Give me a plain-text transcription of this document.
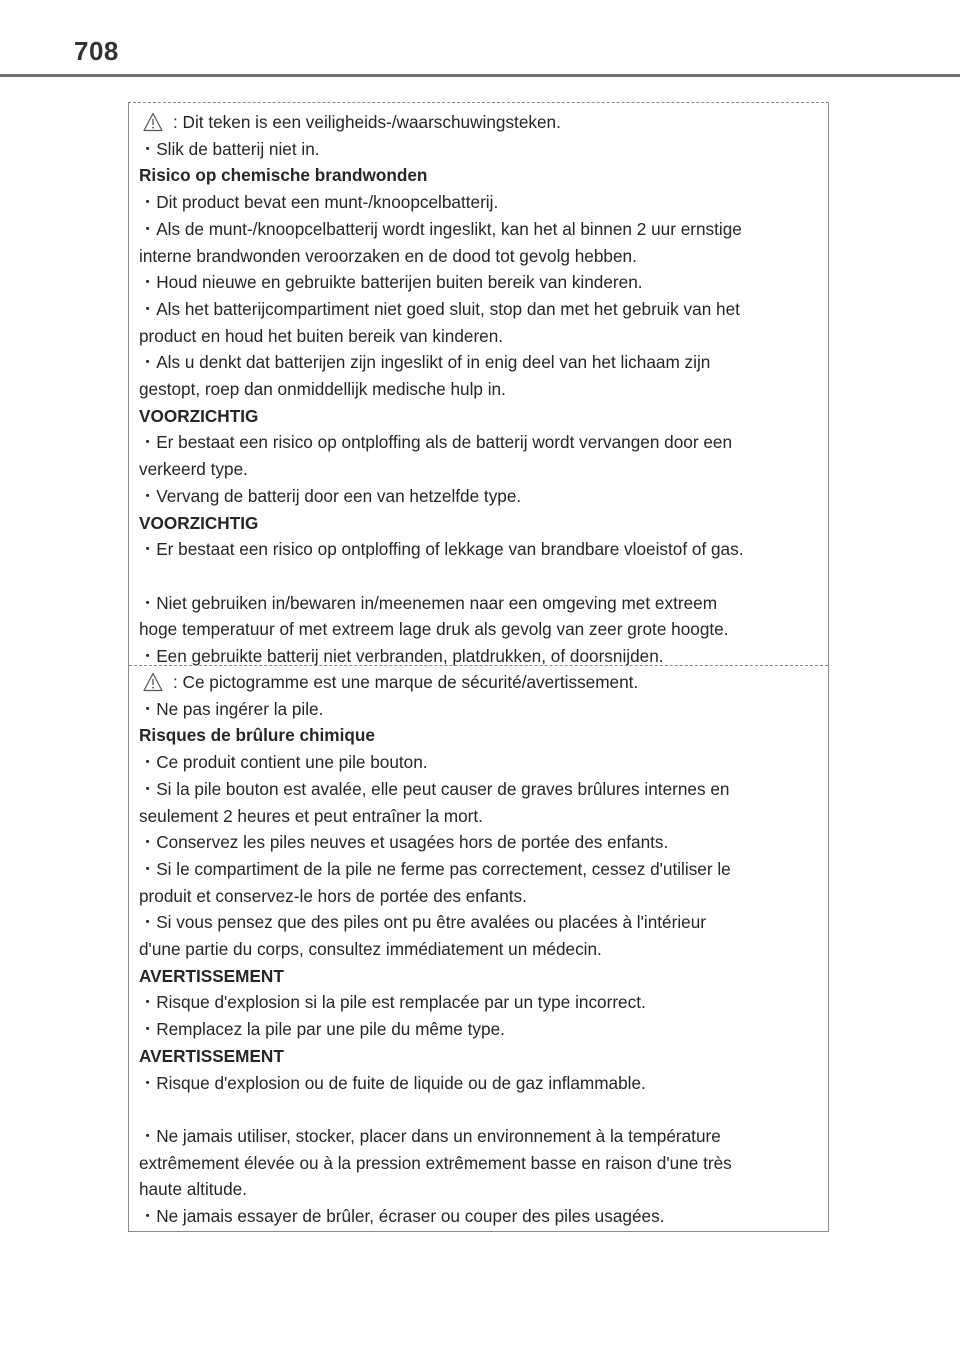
708
: Dit teken is een veiligheids-/waarschuwingsteken.
・Slik de batterij niet in.
Risico op chemische brandwonden
・Dit product bevat een munt-/knoopcelbatterij.
・Als de munt-/knoopcelbatterij wordt ingeslikt, kan het al binnen 2 uur ernstige
interne brandwonden veroorzaken en de dood tot gevolg hebben.
・Houd nieuwe en gebruikte batterijen buiten bereik van kinderen.
・Als het batterijcompartiment niet goed sluit, stop dan met het gebruik van het
product en houd het buiten bereik van kinderen.
・Als u denkt dat batterijen zijn ingeslikt of in enig deel van het lichaam zijn
gestopt, roep dan onmiddellijk medische hulp in.
VOORZICHTIG
・Er bestaat een risico op ontploffing als de batterij wordt vervangen door een
verkeerd type.
・Vervang de batterij door een van hetzelfde type.
VOORZICHTIG
・Er bestaat een risico op ontploffing of lekkage van brandbare vloeistof of gas.
・Niet gebruiken in/bewaren in/meenemen naar een omgeving met extreem
hoge temperatuur of met extreem lage druk als gevolg van zeer grote hoogte.
・Een gebruikte batterij niet verbranden, platdrukken, of doorsnijden.
: Ce pictogramme est une marque de sécurité/avertissement.
・Ne pas ingérer la pile.
Risques de brûlure chimique
・Ce produit contient une pile bouton.
・Si la pile bouton est avalée, elle peut causer de graves brûlures internes en
seulement 2 heures et peut entraîner la mort.
・Conservez les piles neuves et usagées hors de portée des enfants.
・Si le compartiment de la pile ne ferme pas correctement, cessez d'utiliser le
produit et conservez-le hors de portée des enfants.
・Si vous pensez que des piles ont pu être avalées ou placées à l'intérieur
d'une partie du corps, consultez immédiatement un médecin.
AVERTISSEMENT
・Risque d'explosion si la pile est remplacée par un type incorrect.
・Remplacez la pile par une pile du même type.
AVERTISSEMENT
・Risque d'explosion ou de fuite de liquide ou de gaz inflammable.
・Ne jamais utiliser, stocker, placer dans un environnement à la température
extrêmement élevée ou à la pression extrêmement basse en raison d'une très
haute altitude.
・Ne jamais essayer de brûler, écraser ou couper des piles usagées.
